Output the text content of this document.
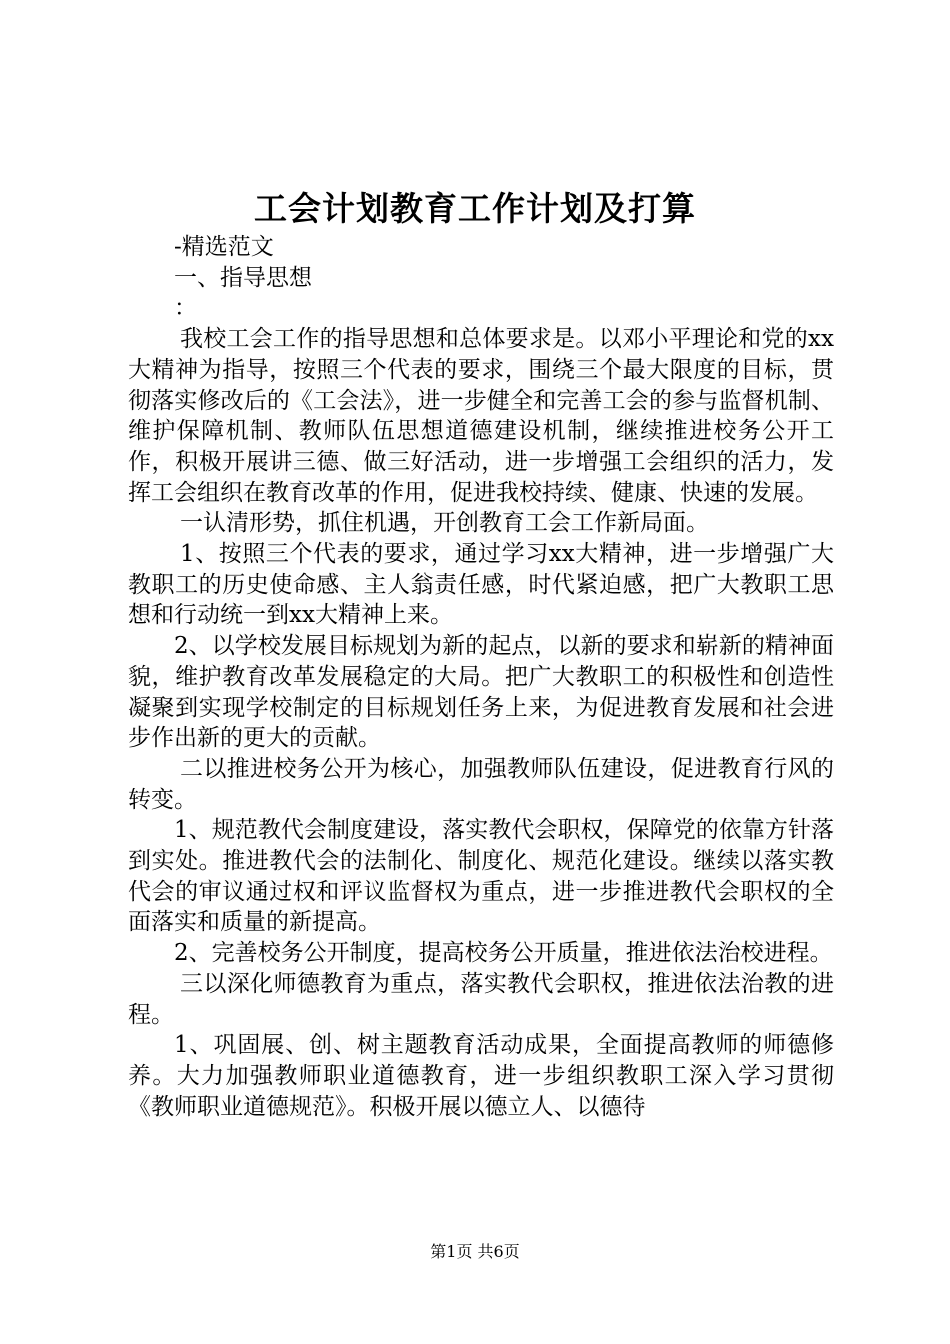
工会计划教育工作计划及打算

-精选范文

一、指导思想

：

我校工会工作的指导思想和总体要求是。以邓小平理论和党的xx大精神为指导，按照三个代表的要求，围绕三个最大限度的目标，贯彻落实修改后的《工会法》，进一步健全和完善工会的参与监督机制、维护保障机制、教师队伍思想道德建设机制，继续推进校务公开工作，积极开展讲三德、做三好活动，进一步增强工会组织的活力，发挥工会组织在教育改革的作用，促进我校持续、健康、快速的发展。

一认清形势，抓住机遇，开创教育工会工作新局面。

1、按照三个代表的要求，通过学习xx大精神，进一步增强广大教职工的历史使命感、主人翁责任感，时代紧迫感，把广大教职工思想和行动统一到xx大精神上来。

2、以学校发展目标规划为新的起点，以新的要求和崭新的精神面貌，维护教育改革发展稳定的大局。把广大教职工的积极性和创造性凝聚到实现学校制定的目标规划任务上来，为促进教育发展和社会进步作出新的更大的贡献。

二以推进校务公开为核心，加强教师队伍建设，促进教育行风的转变。

1、规范教代会制度建设，落实教代会职权，保障党的依靠方针落到实处。推进教代会的法制化、制度化、规范化建设。继续以落实教代会的审议通过权和评议监督权为重点，进一步推进教代会职权的全面落实和质量的新提高。

2、完善校务公开制度，提高校务公开质量，推进依法治校进程。

三以深化师德教育为重点，落实教代会职权，推进依法治教的进程。

1、巩固展、创、树主题教育活动成果，全面提高教师的师德修养。大力加强教师职业道德教育，进一步组织教职工深入学习贯彻《教师职业道德规范》。积极开展以德立人、以德待

第1页 共6页
